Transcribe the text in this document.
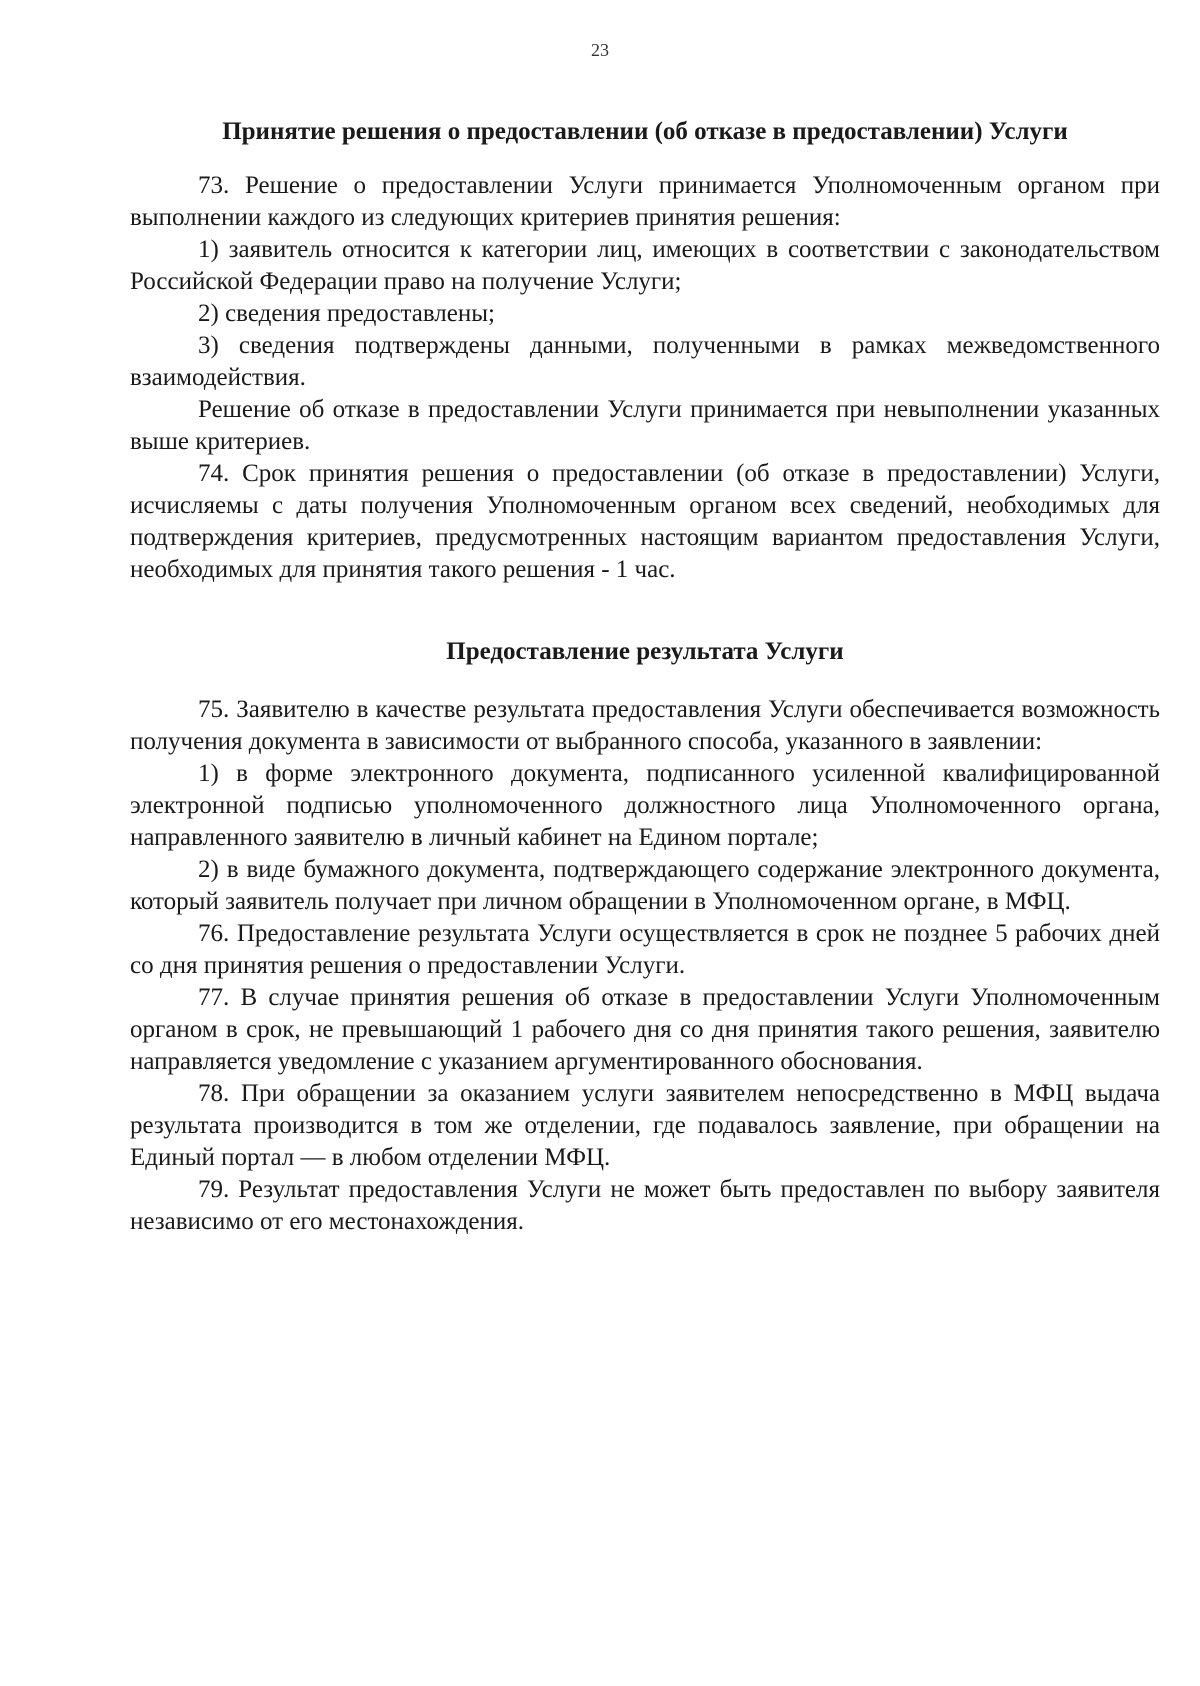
23
Принятие решения о предоставлении (об отказе в предоставлении) Услуги

73. Решение о предоставлении Услуги принимается Уполномоченным органом при выполнении каждого из следующих критериев принятия решения:

1) заявитель относится к категории лиц, имеющих в соответствии с законодательством Российской Федерации право на получение Услуги;

2) сведения предоставлены;

3) сведения подтверждены данными, полученными в рамках межведомственного взаимодействия.

Решение об отказе в предоставлении Услуги принимается при невыполнении указанных выше критериев.

74. Срок принятия решения о предоставлении (об отказе в предоставлении) Услуги, исчисляемы с даты получения Уполномоченным органом всех сведений, необходимых для подтверждения критериев, предусмотренных настоящим вариантом предоставления Услуги, необходимых для принятия такого решения - 1 час.

Предоставление результата Услуги

75. Заявителю в качестве результата предоставления Услуги обеспечивается возможность получения документа в зависимости от выбранного способа, указанного в заявлении:

1) в форме электронного документа, подписанного усиленной квалифицированной электронной подписью уполномоченного должностного лица Уполномоченного органа, направленного заявителю в личный кабинет на Едином портале;

2) в виде бумажного документа, подтверждающего содержание электронного документа, который заявитель получает при личном обращении в Уполномоченном органе, в МФЦ.

76. Предоставление результата Услуги осуществляется в срок не позднее 5 рабочих дней со дня принятия решения о предоставлении Услуги.

77. В случае принятия решения об отказе в предоставлении Услуги Уполномоченным органом в срок, не превышающий 1 рабочего дня со дня принятия такого решения, заявителю направляется уведомление с указанием аргументированного обоснования.

78. При обращении за оказанием услуги заявителем непосредственно в МФЦ выдача результата производится в том же отделении, где подавалось заявление, при обращении на Единый портал — в любом отделении МФЦ.

79. Результат предоставления Услуги не может быть предоставлен по выбору заявителя независимо от его местонахождения.
